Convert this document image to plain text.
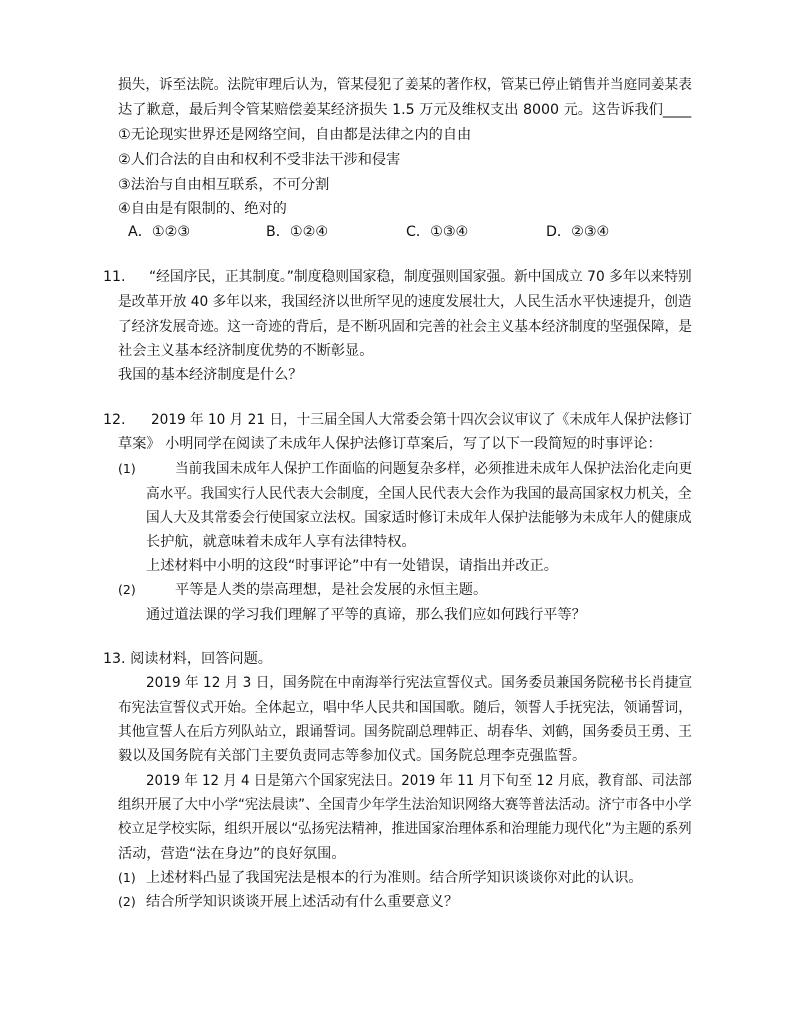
损失，诉至法院。法院审理后认为，管某侵犯了姜某的著作权，管某已停止销售并当庭同姜某表
达了歉意，最后判令管某赔偿姜某经济损失 1.5 万元及维权支出 8000 元。这告诉我们____
①无论现实世界还是网络空间，自由都是法律之内的自由
②人们合法的自由和权利不受非法干涉和侵害
③法治与自由相互联系，不可分割
④自由是有限制的、绝对的
A．①②③	B．①②④	C．①③④	D．②③④
11. “经国序民，正其制度。”制度稳则国家稳，制度强则国家强。新中国成立 70 多年以来特别
是改革开放 40 多年以来，我国经济以世所罕见的速度发展壮大，人民生活水平快速提升，创造
了经济发展奇迹。这一奇迹的背后，是不断巩固和完善的社会主义基本经济制度的坚强保障，是
社会主义基本经济制度优势的不断彰显。
我国的基本经济制度是什么？
12. 2019 年 10 月 21 日，十三届全国人大常委会第十四次会议审议了《未成年人保护法修订
草案》 小明同学在阅读了未成年人保护法修订草案后，写了以下一段简短的时事评论：
(1)	当前我国未成年人保护工作面临的问题复杂多样，必须推进未成年人保护法治化走向更
高水平。我国实行人民代表大会制度，全国人民代表大会作为我国的最高国家权力机关，全
国人大及其常委会行使国家立法权。国家适时修订未成年人保护法能够为未成年人的健康成
长护航，就意味着未成年人享有法律特权。
上述材料中小明的这段“时事评论”中有一处错误，请指出并改正。
(2)	平等是人类的崇高理想，是社会发展的永恒主题。
通过道法课的学习我们理解了平等的真谛，那么我们应如何践行平等？
13. 阅读材料，回答问题。
2019 年 12 月 3 日，国务院在中南海举行宪法宣誓仪式。国务委员兼国务院秘书长肖捷宣
布宪法宣誓仪式开始。全体起立，唱中华人民共和国国歌。随后，领誓人手抚宪法，领诵誓词，
其他宣誓人在后方列队站立，跟诵誓词。国务院副总理韩正、胡春华、刘鹤，国务委员王勇、王
毅以及国务院有关部门主要负责同志等参加仪式。国务院总理李克强监誓。
2019 年 12 月 4 日是第六个国家宪法日。2019 年 11 月下旬至 12 月底，教育部、司法部
组织开展了大中小学“宪法晨读”、全国青少年学生法治知识网络大赛等普法活动。济宁市各中小学
校立足学校实际，组织开展以“弘扬宪法精神，推进国家治理体系和治理能力现代化”为主题的系列
活动，营造“法在身边”的良好氛围。
(1) 上述材料凸显了我国宪法是根本的行为准则。结合所学知识谈谈你对此的认识。
(2) 结合所学知识谈谈开展上述活动有什么重要意义？
